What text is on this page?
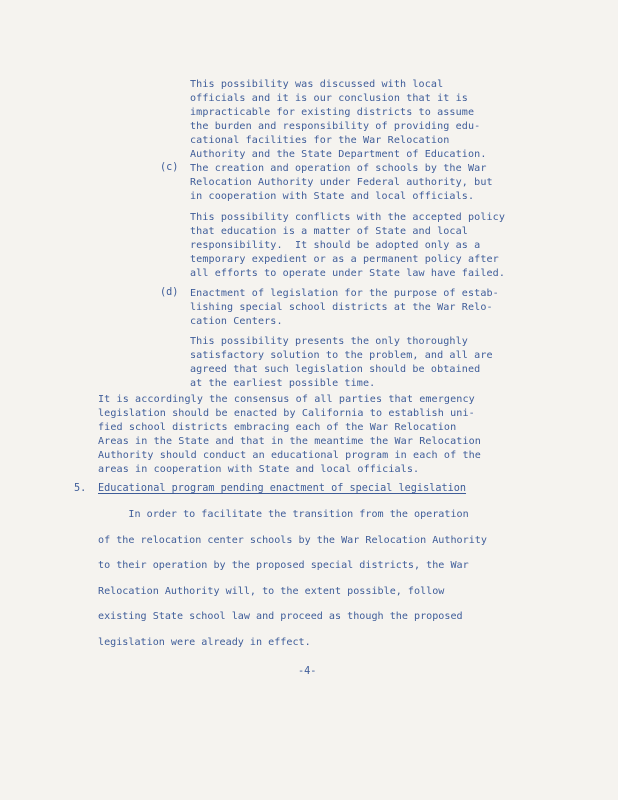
This possibility was discussed with local
officials and it is our conclusion that it is
impracticable for existing districts to assume
the burden and responsibility of providing edu-
cational facilities for the War Relocation
Authority and the State Department of Education.
(c) The creation and operation of schools by the War
Relocation Authority under Federal authority, but
in cooperation with State and local officials.
This possibility conflicts with the accepted policy
that education is a matter of State and local
responsibility.  It should be adopted only as a
temporary expedient or as a permanent policy after
all efforts to operate under State law have failed.
(d) Enactment of legislation for the purpose of estab-
lishing special school districts at the War Relo-
cation Centers.
This possibility presents the only thoroughly
satisfactory solution to the problem, and all are
agreed that such legislation should be obtained
at the earliest possible time.
It is accordingly the consensus of all parties that emergency
legislation should be enacted by California to establish uni-
fied school districts embracing each of the War Relocation
Areas in the State and that in the meantime the War Relocation
Authority should conduct an educational program in each of the
areas in cooperation with State and local officials.
5. Educational program pending enactment of special legislation
In order to facilitate the transition from the operation
of the relocation center schools by the War Relocation Authority
to their operation by the proposed special districts, the War
Relocation Authority will, to the extent possible, follow
existing State school law and proceed as though the proposed
legislation were already in effect.
-4-
